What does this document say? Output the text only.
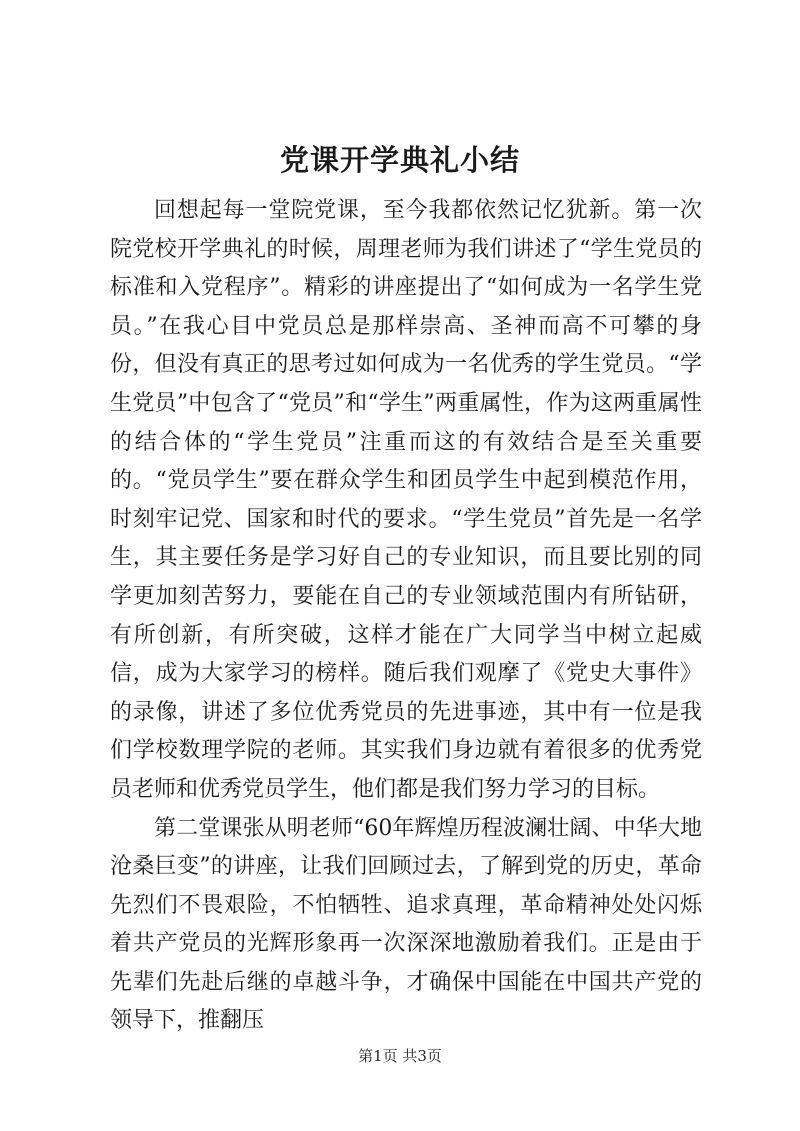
党课开学典礼小结

回想起每一堂院党课，至今我都依然记忆犹新。第一次院党校开学典礼的时候，周理老师为我们讲述了“学生党员的标准和入党程序”。精彩的讲座提出了“如何成为一名学生党员。”在我心目中党员总是那样崇高、圣神而高不可攀的身份，但没有真正的思考过如何成为一名优秀的学生党员。“学生党员”中包含了“党员”和“学生”两重属性，作为这两重属性的结合体的“学生党员”注重而这的有效结合是至关重要的。“党员学生”要在群众学生和团员学生中起到模范作用，时刻牢记党、国家和时代的要求。“学生党员”首先是一名学生，其主要任务是学习好自己的专业知识，而且要比别的同学更加刻苦努力，要能在自己的专业领域范围内有所钻研，有所创新，有所突破，这样才能在广大同学当中树立起威信，成为大家学习的榜样。随后我们观摩了《党史大事件》的录像，讲述了多位优秀党员的先进事迹，其中有一位是我们学校数理学院的老师。其实我们身边就有着很多的优秀党员老师和优秀党员学生，他们都是我们努力学习的目标。

第二堂课张从明老师“60年辉煌历程波澜壮阔、中华大地沧桑巨变”的讲座，让我们回顾过去，了解到党的历史，革命先烈们不畏艰险，不怕牺牲、追求真理，革命精神处处闪烁着共产党员的光辉形象再一次深深地激励着我们。正是由于先辈们先赴后继的卓越斗争，才确保中国能在中国共产党的领导下，推翻压

第1页 共3页
